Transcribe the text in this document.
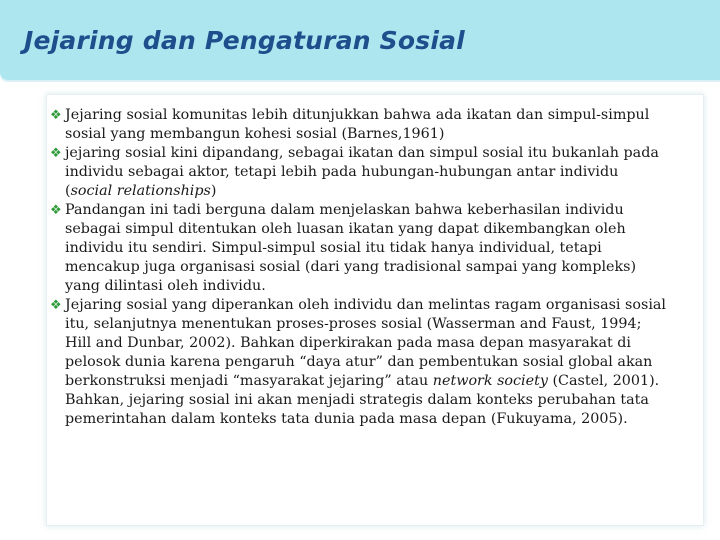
Jejaring dan Pengaturan Sosial
❖ Jejaring sosial komunitas lebih ditunjukkan bahwa ada ikatan dan simpul-simpul sosial yang membangun kohesi sosial (Barnes,1961)
❖ jejaring sosial kini dipandang, sebagai ikatan dan simpul sosial itu bukanlah pada individu sebagai aktor, tetapi lebih pada hubungan-hubungan antar individu (social relationships)
❖ Pandangan ini tadi berguna dalam menjelaskan bahwa keberhasilan individu sebagai simpul ditentukan oleh luasan ikatan yang dapat dikembangkan oleh individu itu sendiri. Simpul-simpul sosial itu tidak hanya individual, tetapi mencakup juga organisasi sosial (dari yang tradisional sampai yang kompleks) yang dilintasi oleh individu.
❖ Jejaring sosial yang diperankan oleh individu dan melintas ragam organisasi sosial itu, selanjutnya menentukan proses-proses sosial (Wasserman and Faust, 1994; Hill and Dunbar, 2002). Bahkan diperkirakan pada masa depan masyarakat di pelosok dunia karena pengaruh “daya atur” dan pembentukan sosial global akan berkonstruksi menjadi “masyarakat jejaring” atau network society (Castel, 2001). Bahkan, jejaring sosial ini akan menjadi strategis dalam konteks perubahan tata pemerintahan dalam konteks tata dunia pada masa depan (Fukuyama, 2005).
